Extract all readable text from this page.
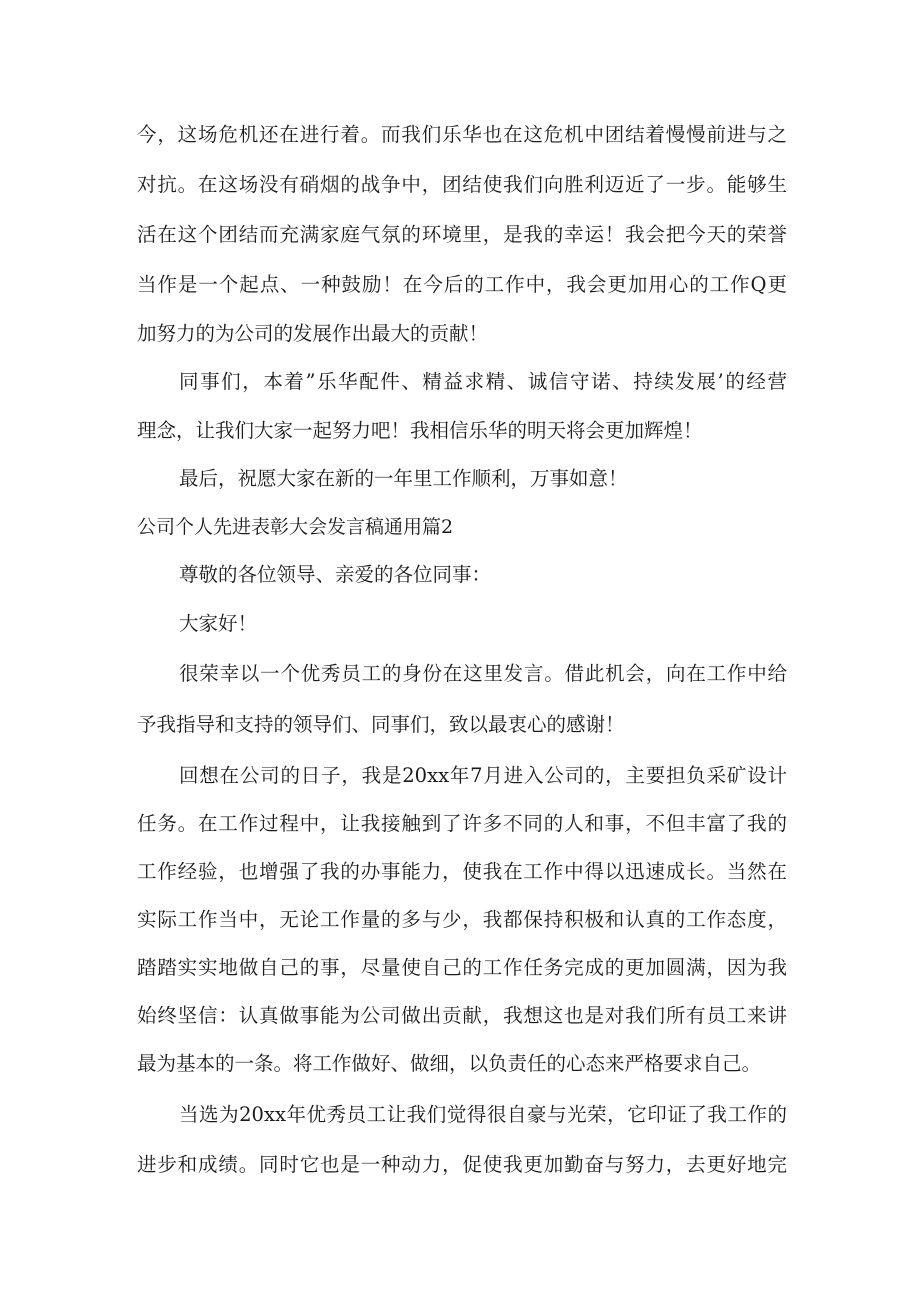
今，这场危机还在进行着。而我们乐华也在这危机中团结着慢慢前进与之
对抗。在这场没有硝烟的战争中，团结使我们向胜利迈近了一步。能够生
活在这个团结而充满家庭气氛的环境里，是我的幸运！我会把今天的荣誉
当作是一个起点、一种鼓励！在今后的工作中，我会更加用心的工作Q更
加努力的为公司的发展作出最大的贡献！
同事们，本着”乐华配件、精益求精、诚信守诺、持续发展’的经营
理念，让我们大家一起努力吧！我相信乐华的明天将会更加辉煌！
最后，祝愿大家在新的一年里工作顺利，万事如意！
公司个人先进表彰大会发言稿通用篇2
尊敬的各位领导、亲爱的各位同事：
大家好！
很荣幸以一个优秀员工的身份在这里发言。借此机会，向在工作中给
予我指导和支持的领导们、同事们，致以最衷心的感谢！
回想在公司的日子，我是20xx年7月进入公司的，主要担负采矿设计
任务。在工作过程中，让我接触到了许多不同的人和事，不但丰富了我的
工作经验，也增强了我的办事能力，使我在工作中得以迅速成长。当然在
实际工作当中，无论工作量的多与少，我都保持积极和认真的工作态度，
踏踏实实地做自己的事，尽量使自己的工作任务完成的更加圆满，因为我
始终坚信：认真做事能为公司做出贡献，我想这也是对我们所有员工来讲
最为基本的一条。将工作做好、做细，以负责任的心态来严格要求自己。
当选为20xx年优秀员工让我们觉得很自豪与光荣，它印证了我工作的
进步和成绩。同时它也是一种动力，促使我更加勤奋与努力，去更好地完
